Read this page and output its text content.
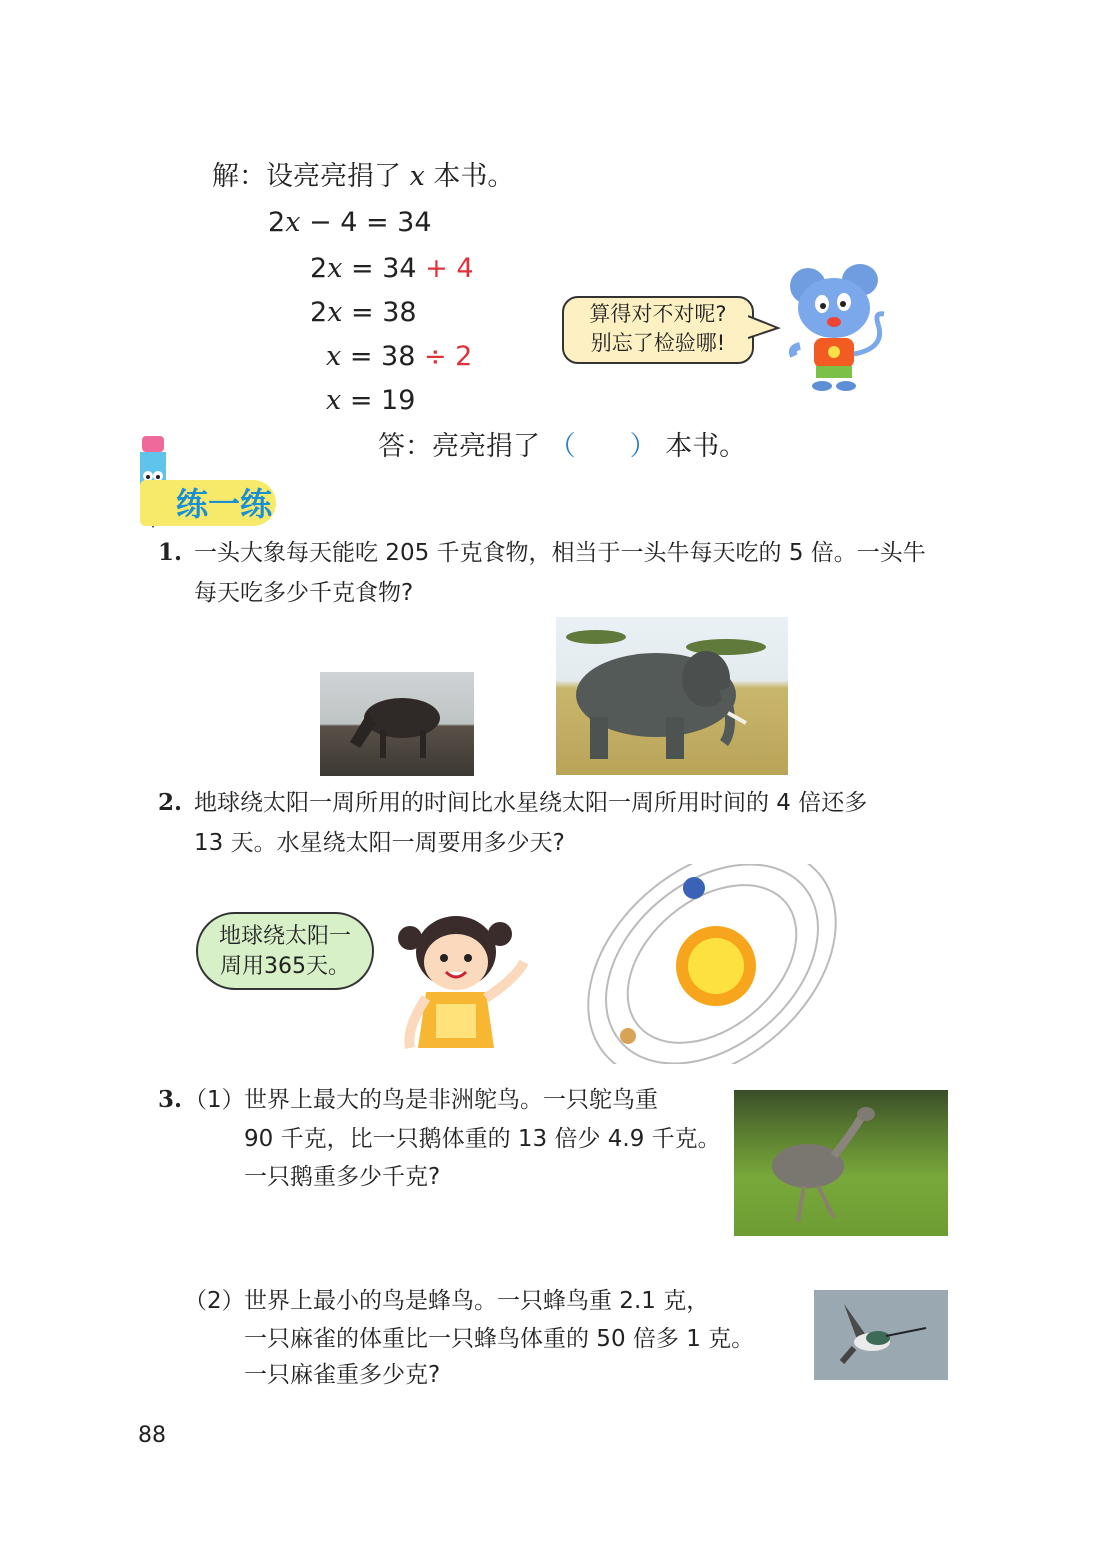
解：设亮亮捐了 x 本书。
2x − 4 = 34
2x = 34 + 4
2x = 38
x = 38 ÷ 2
x = 19
答：亮亮捐了 （　　） 本书。
算得对不对呢?
别忘了检验哪!
练一练
1. 一头大象每天能吃 205 千克食物，相当于一头牛每天吃的 5 倍。一头牛
每天吃多少千克食物?
2. 地球绕太阳一周所用的时间比水星绕太阳一周所用时间的 4 倍还多
13 天。水星绕太阳一周要用多少天?
地球绕太阳一
周用365天。
3. （1） 世界上最大的鸟是非洲鸵鸟。一只鸵鸟重
90 千克，比一只鹅体重的 13 倍少 4.9 千克。
一只鹅重多少千克?
（2） 世界上最小的鸟是蜂鸟。一只蜂鸟重 2.1 克，
一只麻雀的体重比一只蜂鸟体重的 50 倍多 1 克。
一只麻雀重多少克?
88
